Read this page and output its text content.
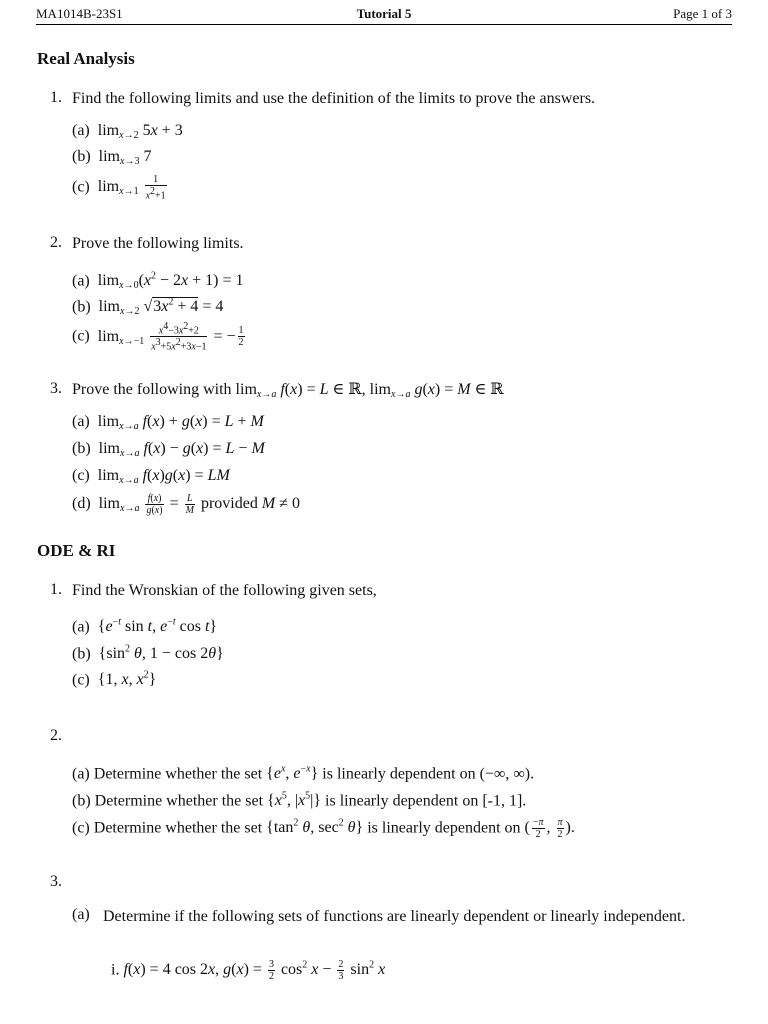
MA1014B-23S1	Tutorial 5	Page 1 of 3
Real Analysis
1. Find the following limits and use the definition of the limits to prove the answers.
(a)  $\lim_{x\to 2} 5x + 3$
(b)  $\lim_{x\to 3} 7$
(c)  $\lim_{x\to 1} \frac{1}{x^2+1}$
2. Prove the following limits.
(a)  $\lim_{x\to 0}(x^2 - 2x + 1) = 1$
(b)  $\lim_{x\to 2} √3x^2 + 4 = 4$
(c)  $\lim_{x\to-1} \frac{x^4-3x^2+2}{x^3+5x^2+3x-1}$ = − $\frac{1}{2}$
3. Prove the following with $\lim_{x\to a} f(x) = L$ ∈ ℝ, $\lim_{x\to a} g(x) = M$ ∈ ℝ
(a)  $\lim_{x\to a} f(x) + g(x) = L + M$
(b)  $\lim_{x\to a} f(x) - g(x) = L - M$
(c)  $\lim_{x\to a} f(x)g(x)$ = LM
(d)  $\lim_{x\to a} \frac{f(x)}{g(x)} = \frac{L}{M}$ provided M ≠ 0
ODE & RI
1. Find the Wronskian of the following given sets,
(a)  {$e^{-t}$ sin t, $e^{-t}$ cos t}
(b)  {$\sin^2$ θ, 1 − cos 2θ}
(c)  {1, x, $x^2$}
2.
(a) Determine whether the set {$e^x$, $e^{-x}$} is linearly dependent on (−∞, ∞).
(b) Determine whether the set {$x^5$, $|x^5|$} is linearly dependent on [-1, 1].
(c) Determine whether the set {$\tan^2$ θ, $\sec^2 \theta$} is linearly dependent on ( $\frac{-\pi}{2}$ , $\frac{\pi}{2}$ ).
3.
(a) Determine if the following sets of functions are linearly dependent or linearly independent.
i. f(x) = 4 cos 2x, $g(x) = \frac{3}{2} \cos^2 x - \frac{2}{3} \sin^2 x$
